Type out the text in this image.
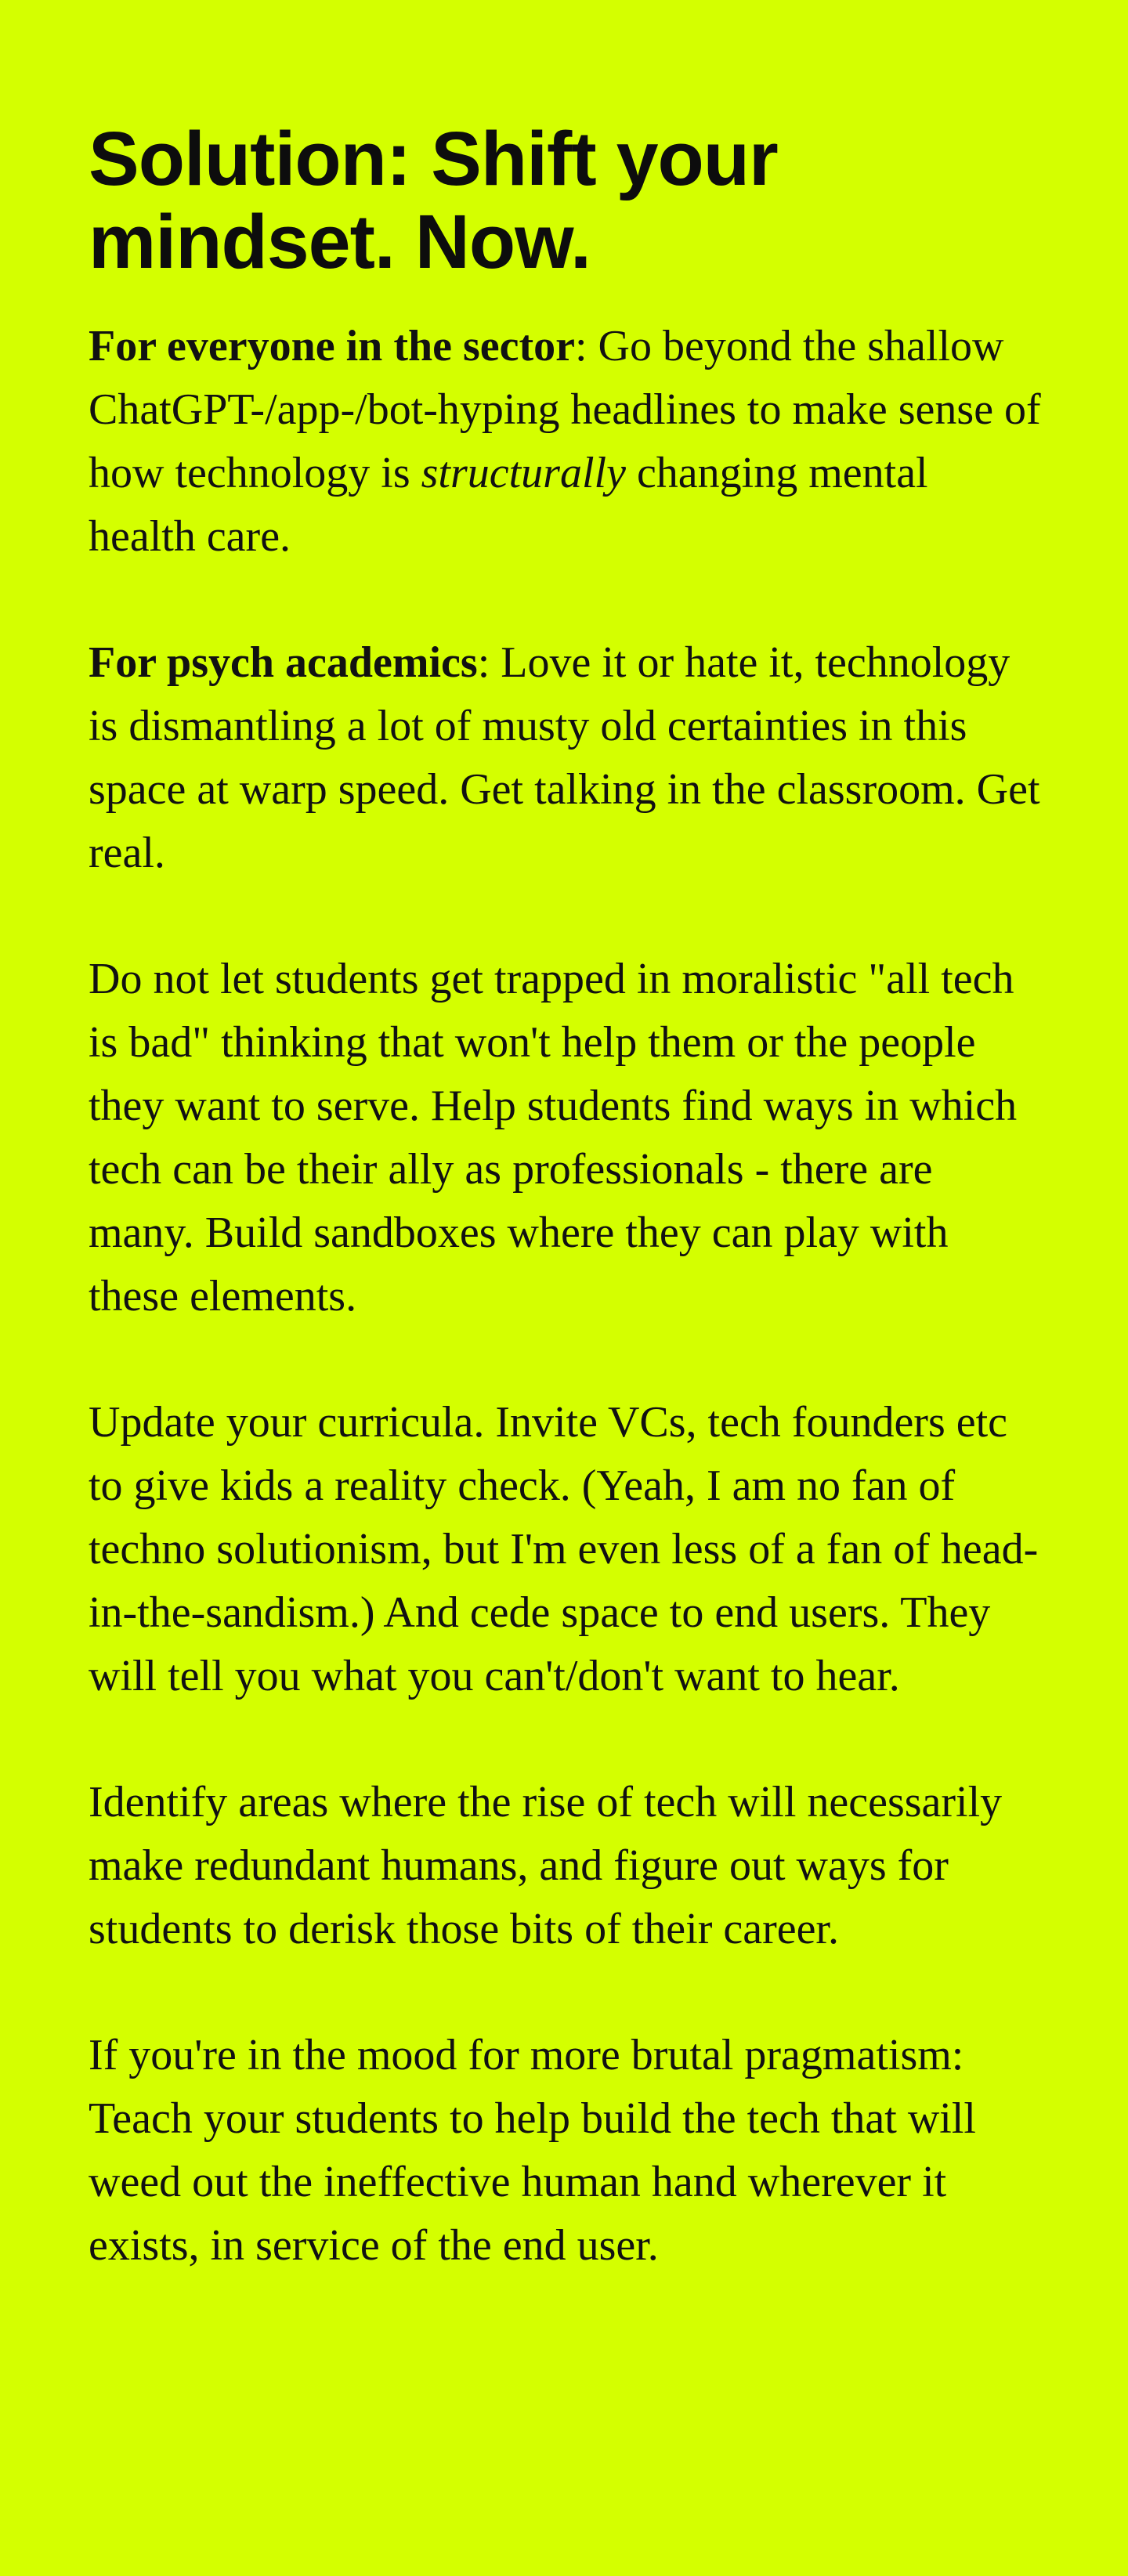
Solution: Shift your mindset. Now.

For everyone in the sector: Go beyond the shallow ChatGPT-/app-/bot-hyping headlines to make sense of how technology is structurally changing mental health care.

For psych academics: Love it or hate it, technology is dismantling a lot of musty old certainties in this space at warp speed. Get talking in the classroom. Get real.

Do not let students get trapped in moralistic "all tech is bad" thinking that won't help them or the people they want to serve. Help students find ways in which tech can be their ally as professionals - there are many. Build sandboxes where they can play with these elements.

Update your curricula. Invite VCs, tech founders etc to give kids a reality check. (Yeah, I am no fan of techno solutionism, but I'm even less of a fan of head-in-the-sandism.) And cede space to end users. They will tell you what you can't/don't want to hear.

Identify areas where the rise of tech will necessarily make redundant humans, and figure out ways for students to derisk those bits of their career.

If you're in the mood for more brutal pragmatism: Teach your students to help build the tech that will weed out the ineffective human hand wherever it exists, in service of the end user.
